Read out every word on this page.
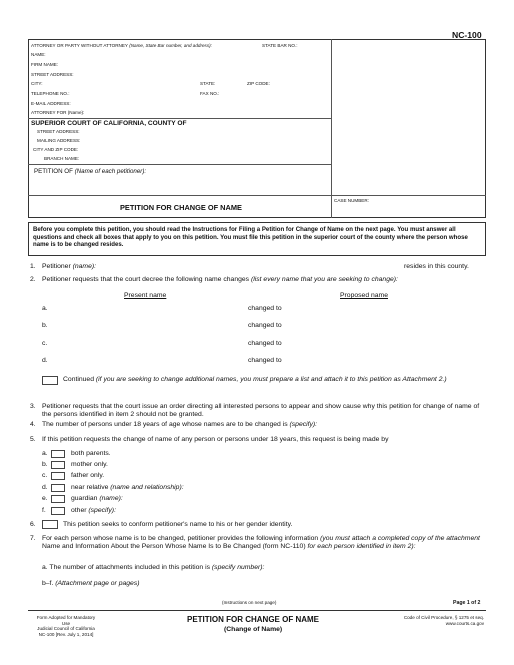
NC-100
ATTORNEY OR PARTY WITHOUT ATTORNEY (Name, State Bar number, and address):	STATE BAR NO.:
NAME:
FIRM NAME:
STREET ADDRESS:
CITY:	STATE:	ZIP CODE:
TELEPHONE NO.:	FAX NO.:
E-MAIL ADDRESS:
ATTORNEY FOR (Name):
SUPERIOR COURT OF CALIFORNIA, COUNTY OF
STREET ADDRESS:
MAILING ADDRESS:
CITY AND ZIP CODE:
BRANCH NAME:
PETITION OF (Name of each petitioner):
PETITION FOR CHANGE OF NAME
CASE NUMBER:
Before you complete this petition, you should read the Instructions for Filing a Petition for Change of Name on the next page. You must answer all questions and check all boxes that apply to you on this petition. You must file this petition in the superior court of the county where the person whose name is to be changed resides.
1. Petitioner (name):	resides in this county.
2. Petitioner requests that the court decree the following name changes (list every name that you are seeking to change):
Present name	Proposed name
a.	changed to
b.	changed to
c.	changed to
d.	changed to
Continued (if you are seeking to change additional names, you must prepare a list and attach it to this petition as Attachment 2.)
3. Petitioner requests that the court issue an order directing all interested persons to appear and show cause why this petition for change of name of the persons identified in item 2 should not be granted.
4. The number of persons under 18 years of age whose names are to be changed is (specify):
5. If this petition requests the change of name of any person or persons under 18 years, this request is being made by
a.	both parents.
b.	mother only.
c.	father only.
d.	near relative (name and relationship):
e.	guardian (name):
f.	other (specify):
6.	This petition seeks to conform petitioner's name to his or her gender identity.
7. For each person whose name is to be changed, petitioner provides the following information (you must attach a completed copy of the attachment Name and Information About the Person Whose Name Is to Be Changed (form NC-110) for each person identified in item 2):
a. The number of attachments included in this petition is (specify number):
b–f. (Attachment page or pages)
(Instructions on next page)	Page 1 of 2
Form Adopted for Mandatory Use
Judicial Council of California
NC-100 [Rev. July 1, 2014]
PETITION FOR CHANGE OF NAME
(Change of Name)
Code of Civil Procedure, § 1275 et seq.
www.courts.ca.gov
